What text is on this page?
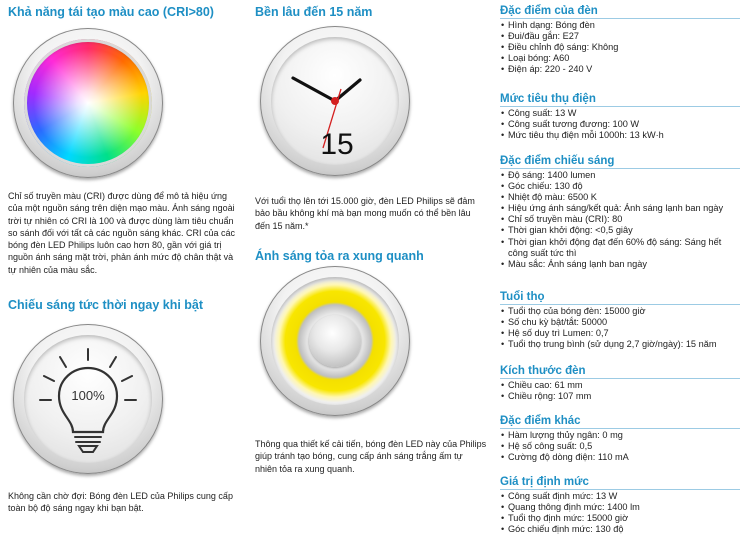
Khả năng tái tạo màu cao (CRI>80)
Chỉ số truyền màu (CRI) được dùng để mô tả hiệu ứng của một nguồn sáng trên diện mạo màu. Ánh sáng ngoài trời tự nhiên có CRI là 100 và được dùng làm tiêu chuẩn so sánh đối với tất cả các nguồn sáng khác. CRI của các bóng đèn LED Philips luôn cao hơn 80, gần với giá trị nguồn ánh sáng mặt trời, phản ánh mức độ chân thật và tự nhiên của màu sắc.
Chiếu sáng tức thời ngay khi bật
100%
Không cần chờ đợi: Bóng đèn LED của Philips cung cấp toàn bộ độ sáng ngay khi bạn bật.
Bền lâu đến 15 năm
15
Với tuổi thọ lên tới 15.000 giờ, đèn LED Philips sẽ đảm bảo bầu không khí mà bạn mong muốn có thể bền lâu đến 15 năm.*
Ánh sáng tỏa ra xung quanh
Thông qua thiết kế cải tiến, bóng đèn LED này của Philips giúp tránh tạo bóng, cung cấp ánh sáng trắng ấm tự nhiên tỏa ra xung quanh.
Đặc điểm của đèn
• Hình dạng: Bóng đèn
• Đui/đầu gắn: E27
• Điều chỉnh độ sáng: Không
• Loại bóng: A60
• Điện áp: 220 - 240 V
Mức tiêu thụ điện
• Công suất: 13 W
• Công suất tương đương: 100 W
• Mức tiêu thụ điện mỗi 1000h: 13 kW·h
Đặc điểm chiếu sáng
• Độ sáng: 1400 lumen
• Góc chiếu: 130 độ
• Nhiệt độ màu: 6500 K
• Hiệu ứng ánh sáng/kết quả: Ánh sáng lạnh ban ngày
• Chỉ số truyền màu (CRI): 80
• Thời gian khởi động: <0,5 giây
• Thời gian khởi động đạt đến 60% độ sáng: Sáng hết công suất tức thì
• Màu sắc: Ánh sáng lạnh ban ngày
Tuổi thọ
• Tuổi thọ của bóng đèn: 15000 giờ
• Số chu kỳ bật/tắt: 50000
• Hệ số duy trì Lumen: 0,7
• Tuổi thọ trung bình (sử dụng 2,7 giờ/ngày): 15 năm
Kích thước đèn
• Chiều cao: 61 mm
• Chiều rộng: 107 mm
Đặc điểm khác
• Hàm lượng thủy ngân: 0 mg
• Hệ số công suất: 0,5
• Cường độ dòng điện: 110 mA
Giá trị định mức
• Công suất định mức: 13 W
• Quang thông định mức: 1400 lm
• Tuổi thọ định mức: 15000 giờ
• Góc chiếu định mức: 130 độ
